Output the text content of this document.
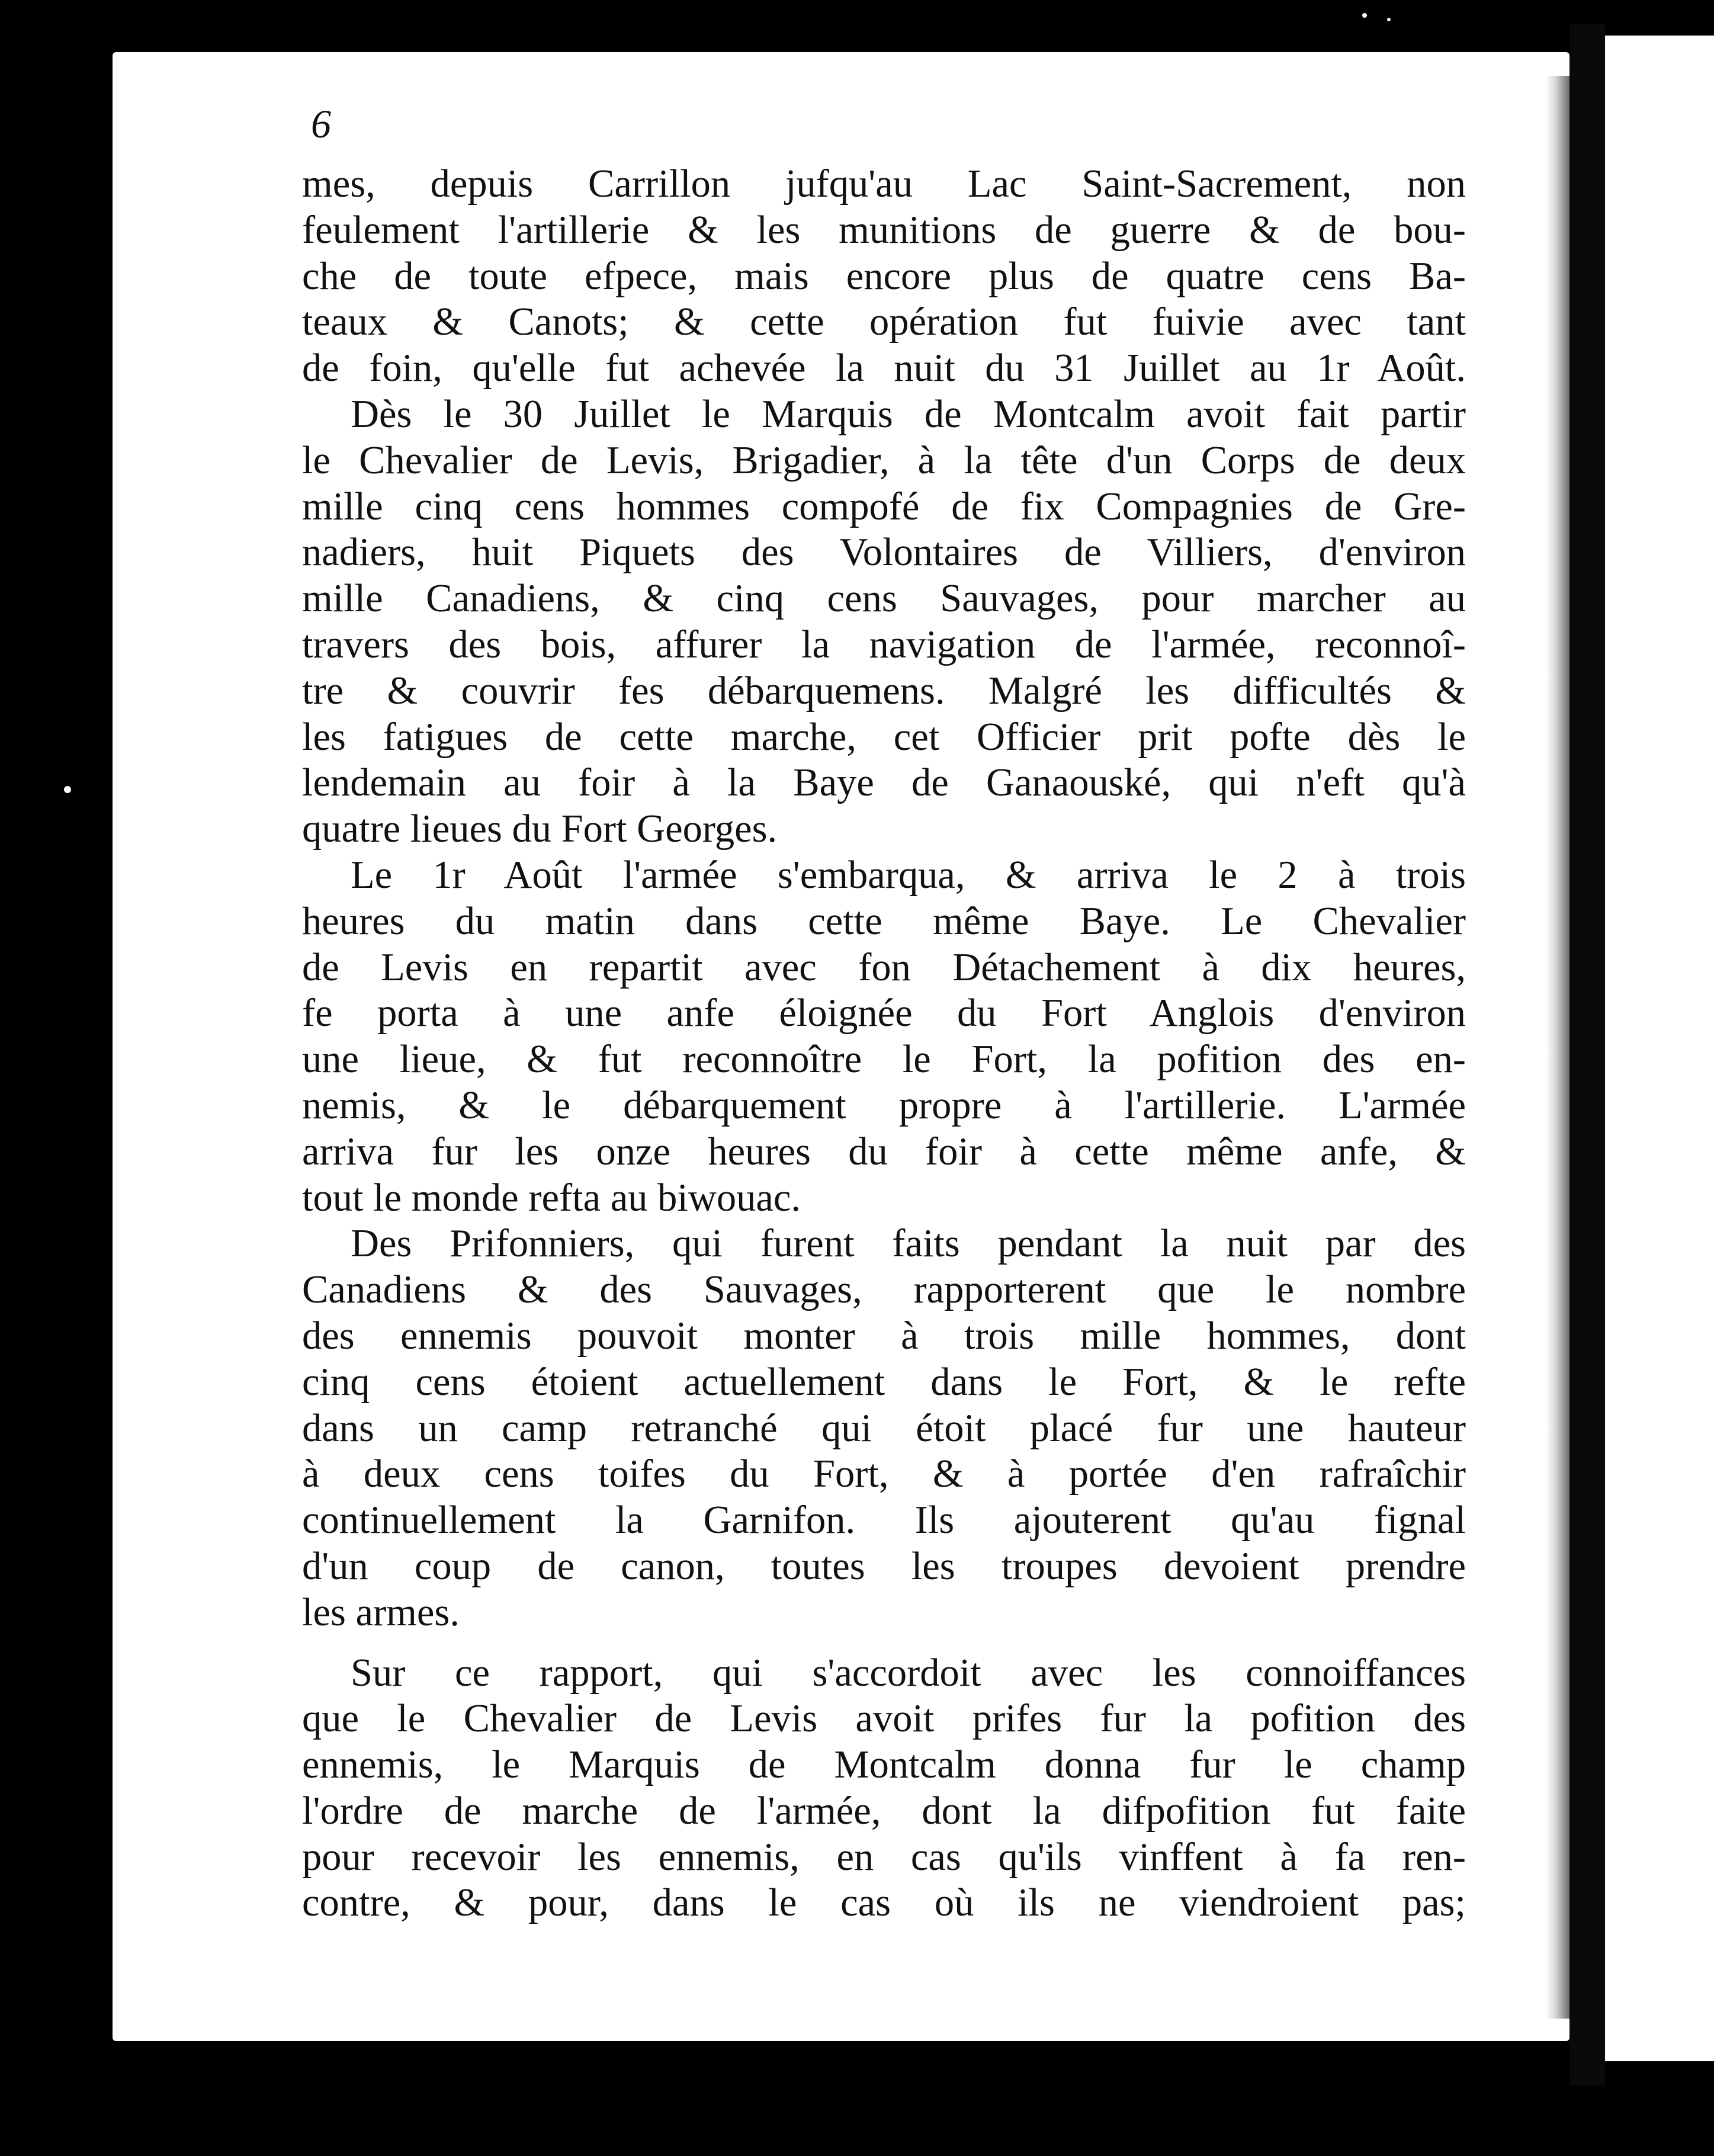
6
mes, depuis Carrillon jufqu'au Lac Saint-Sacrement, non
feulement l'artillerie & les munitions de guerre & de bou-
che de toute efpece, mais encore plus de quatre cens Ba-
teaux & Canots; & cette opération fut fuivie avec tant
de foin, qu'elle fut achevée la nuit du 31 Juillet au 1r Août.
Dès le 30 Juillet le Marquis de Montcalm avoit fait partir
le Chevalier de Levis, Brigadier, à la tête d'un Corps de deux
mille cinq cens hommes compofé de fix Compagnies de Gre-
nadiers, huit Piquets des Volontaires de Villiers, d'environ
mille Canadiens, & cinq cens Sauvages, pour marcher au
travers des bois, affurer la navigation de l'armée, reconnoî-
tre & couvrir fes débarquemens. Malgré les difficultés &
les fatigues de cette marche, cet Officier prit pofte dès le
lendemain au foir à la Baye de Ganaouské, qui n'eft qu'à
quatre lieues du Fort Georges.
Le 1r Août l'armée s'embarqua, & arriva le 2 à trois
heures du matin dans cette même Baye. Le Chevalier
de Levis en repartit avec fon Détachement à dix heures,
fe porta à une anfe éloignée du Fort Anglois d'environ
une lieue, & fut reconnoître le Fort, la pofition des en-
nemis, & le débarquement propre à l'artillerie. L'armée
arriva fur les onze heures du foir à cette même anfe, &
tout le monde refta au biwouac.
Des Prifonniers, qui furent faits pendant la nuit par des
Canadiens & des Sauvages, rapporterent que le nombre
des ennemis pouvoit monter à trois mille hommes, dont
cinq cens étoient actuellement dans le Fort, & le refte
dans un camp retranché qui étoit placé fur une hauteur
à deux cens toifes du Fort, & à portée d'en rafraîchir
continuellement la Garnifon. Ils ajouterent qu'au fignal
d'un coup de canon, toutes les troupes devoient prendre
les armes.
Sur ce rapport, qui s'accordoit avec les connoiffances
que le Chevalier de Levis avoit prifes fur la pofition des
ennemis, le Marquis de Montcalm donna fur le champ
l'ordre de marche de l'armée, dont la difpofition fut faite
pour recevoir les ennemis, en cas qu'ils vinffent à fa ren-
contre, & pour, dans le cas où ils ne viendroient pas;
